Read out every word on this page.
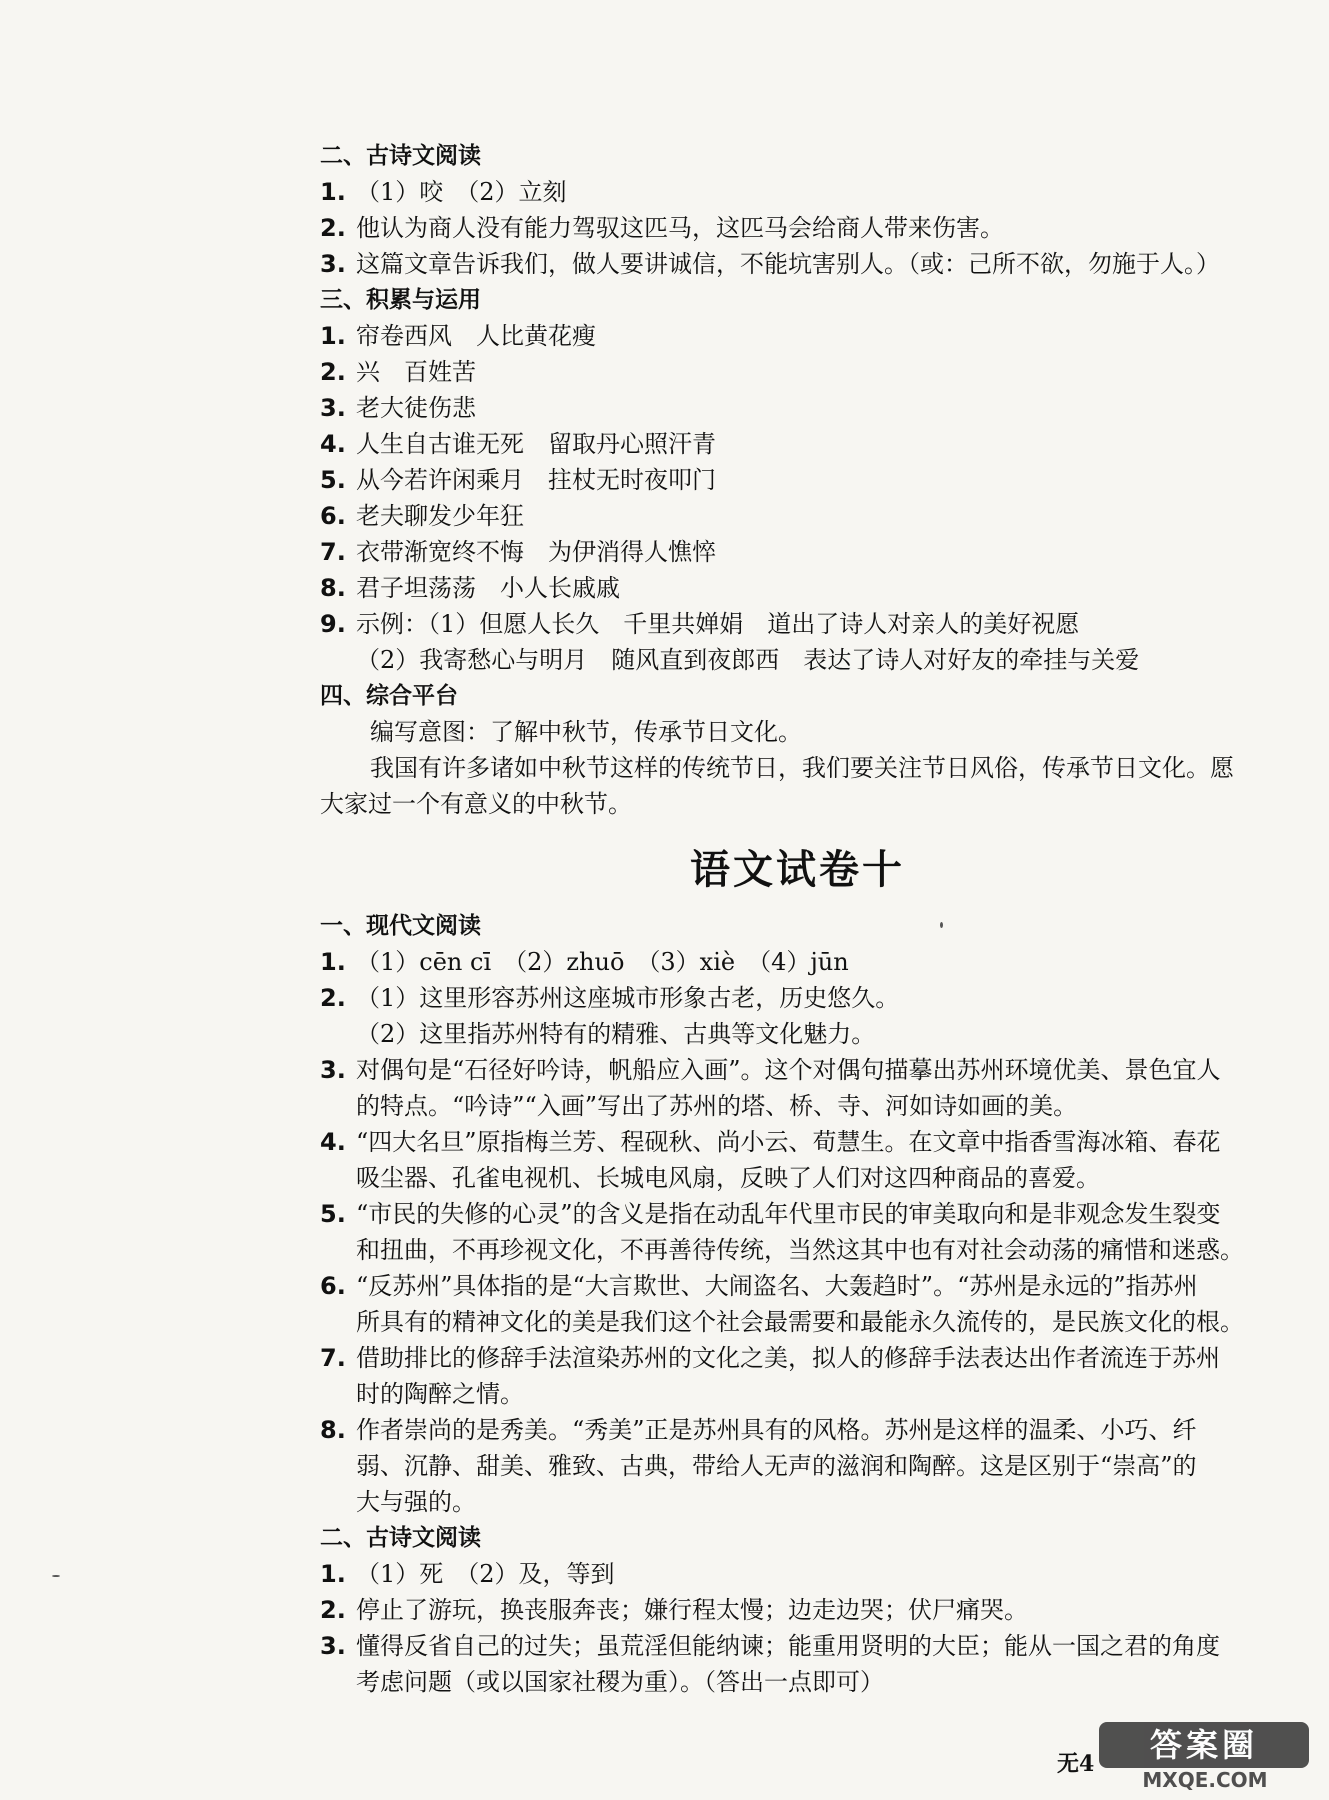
二、古诗文阅读
1. （1）咬　（2）立刻
2. 他认为商人没有能力驾驭这匹马，这匹马会给商人带来伤害。
3. 这篇文章告诉我们，做人要讲诚信，不能坑害别人。（或：己所不欲，勿施于人。）
三、积累与运用
1. 帘卷西风　人比黄花瘦
2. 兴　百姓苦
3. 老大徒伤悲
4. 人生自古谁无死　留取丹心照汗青
5. 从今若许闲乘月　拄杖无时夜叩门
6. 老夫聊发少年狂
7. 衣带渐宽终不悔　为伊消得人憔悴
8. 君子坦荡荡　小人长戚戚
9. 示例：（1）但愿人长久　千里共婵娟　道出了诗人对亲人的美好祝愿
（2）我寄愁心与明月　随风直到夜郎西　表达了诗人对好友的牵挂与关爱
四、综合平台
编写意图：了解中秋节，传承节日文化。
我国有许多诸如中秋节这样的传统节日，我们要关注节日风俗，传承节日文化。愿
大家过一个有意义的中秋节。
语文试卷十
一、现代文阅读
1. （1）cēn cī　（2）zhuō　（3）xiè　（4）jūn
2. （1）这里形容苏州这座城市形象古老，历史悠久。
（2）这里指苏州特有的精雅、古典等文化魅力。
3. 对偶句是“石径好吟诗，帆船应入画”。这个对偶句描摹出苏州环境优美、景色宜人
的特点。“吟诗”“入画”写出了苏州的塔、桥、寺、河如诗如画的美。
4. “四大名旦”原指梅兰芳、程砚秋、尚小云、荀慧生。在文章中指香雪海冰箱、春花
吸尘器、孔雀电视机、长城电风扇，反映了人们对这四种商品的喜爱。
5. “市民的失修的心灵”的含义是指在动乱年代里市民的审美取向和是非观念发生裂变
和扭曲，不再珍视文化，不再善待传统，当然这其中也有对社会动荡的痛惜和迷惑。
6. “反苏州”具体指的是“大言欺世、大闹盗名、大轰趋时”。“苏州是永远的”指苏州
所具有的精神文化的美是我们这个社会最需要和最能永久流传的，是民族文化的根。
7. 借助排比的修辞手法渲染苏州的文化之美，拟人的修辞手法表达出作者流连于苏州
时的陶醉之情。
8. 作者崇尚的是秀美。“秀美”正是苏州具有的风格。苏州是这样的温柔、小巧、纤
弱、沉静、甜美、雅致、古典，带给人无声的滋润和陶醉。这是区别于“崇高”的
大与强的。
二、古诗文阅读
1. （1）死　（2）及，等到
2. 停止了游玩，换丧服奔丧；嫌行程太慢；边走边哭；伏尸痛哭。
3. 懂得反省自己的过失；虽荒淫但能纳谏；能重用贤明的大臣；能从一国之君的角度
考虑问题（或以国家社稷为重）。（答出一点即可）
无4	答案圈
MXQE.COM
